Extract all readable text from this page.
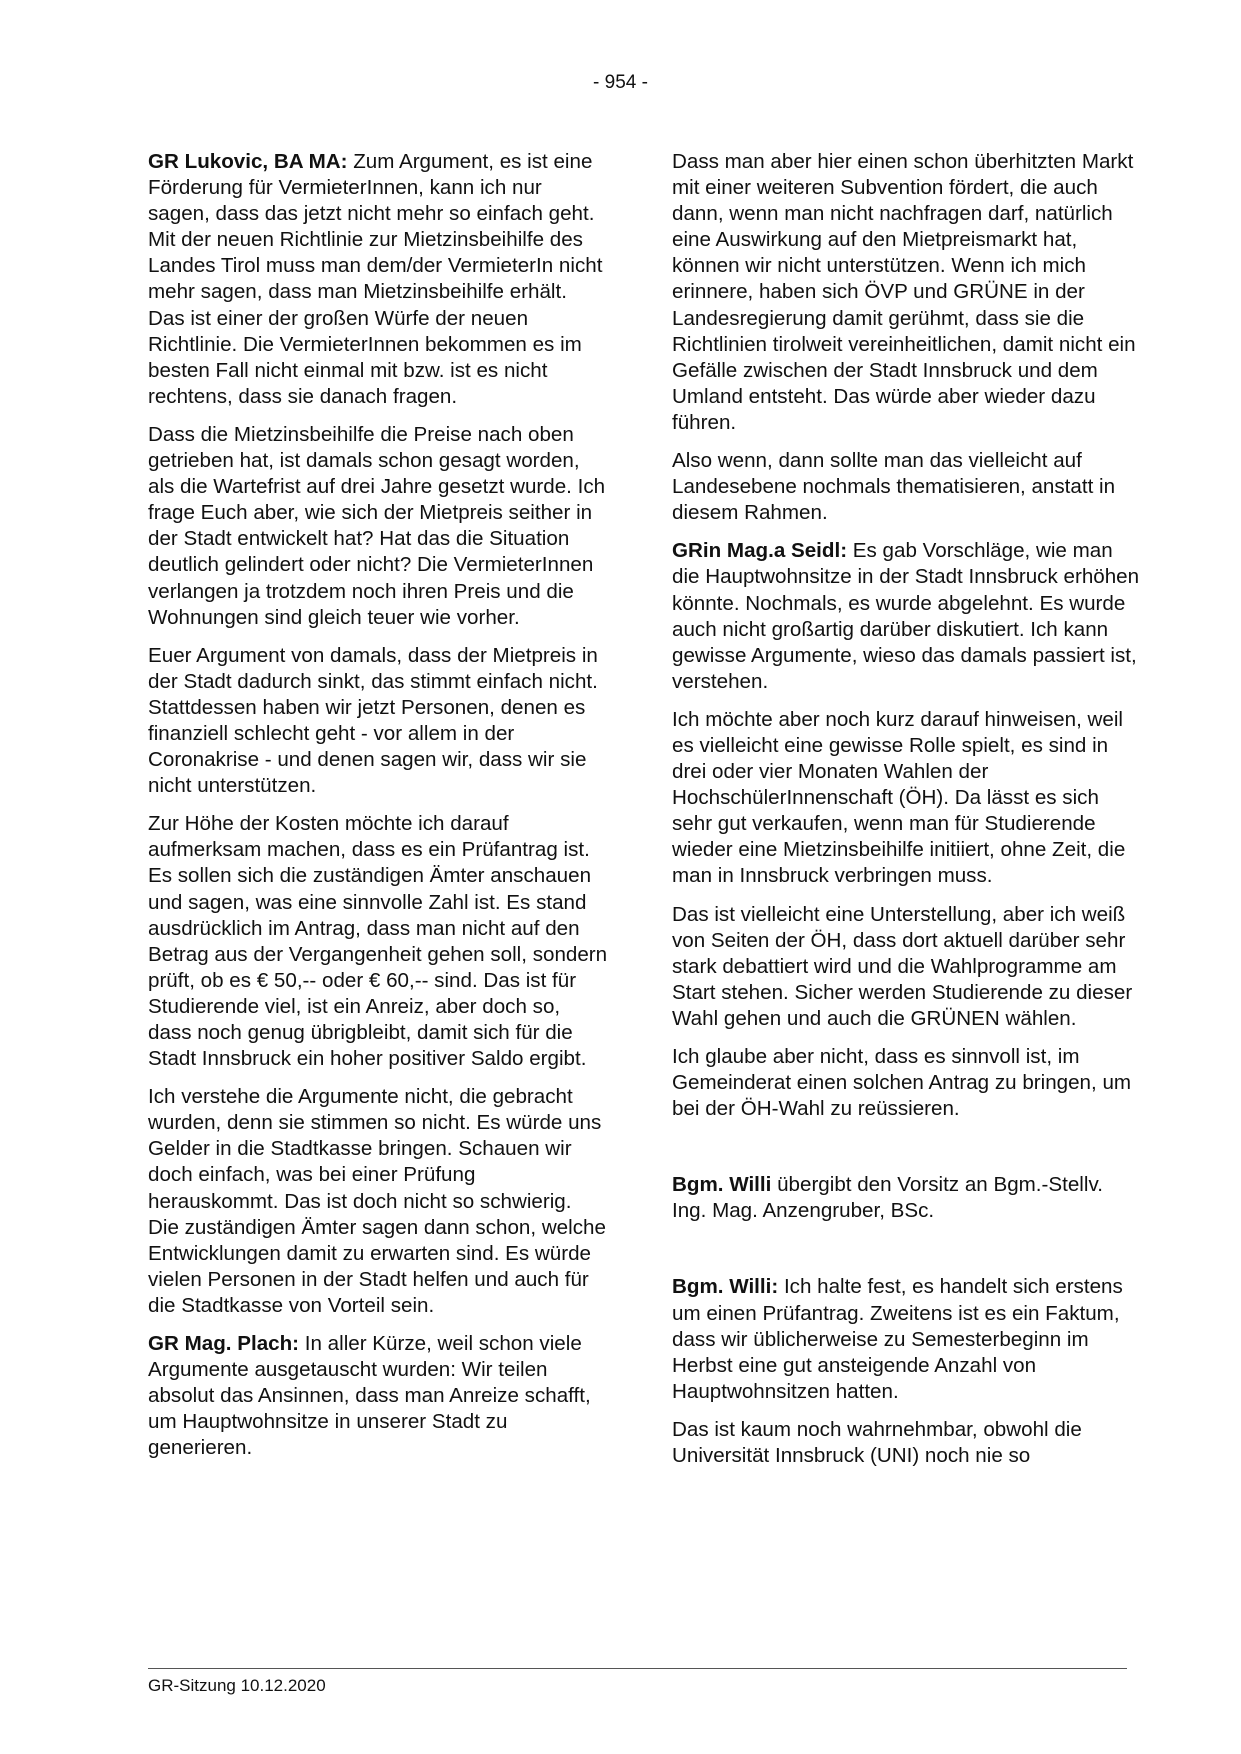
- 954 -

GR Lukovic, BA MA: Zum Argument, es ist eine Förderung für VermieterInnen, kann ich nur sagen, dass das jetzt nicht mehr so einfach geht. Mit der neuen Richtlinie zur Mietzinsbeihilfe des Landes Tirol muss man dem/der VermieterIn nicht mehr sagen, dass man Mietzinsbeihilfe erhält. Das ist einer der großen Würfe der neuen Richtlinie. Die VermieterInnen bekommen es im besten Fall nicht einmal mit bzw. ist es nicht rechtens, dass sie danach fragen.

Dass die Mietzinsbeihilfe die Preise nach oben getrieben hat, ist damals schon gesagt worden, als die Wartefrist auf drei Jahre gesetzt wurde. Ich frage Euch aber, wie sich der Mietpreis seither in der Stadt entwickelt hat? Hat das die Situation deutlich gelindert oder nicht? Die VermieterInnen verlangen ja trotzdem noch ihren Preis und die Wohnungen sind gleich teuer wie vorher.

Euer Argument von damals, dass der Mietpreis in der Stadt dadurch sinkt, das stimmt einfach nicht. Stattdessen haben wir jetzt Personen, denen es finanziell schlecht geht - vor allem in der Coronakrise - und denen sagen wir, dass wir sie nicht unterstützen.

Zur Höhe der Kosten möchte ich darauf aufmerksam machen, dass es ein Prüfantrag ist. Es sollen sich die zuständigen Ämter anschauen und sagen, was eine sinnvolle Zahl ist. Es stand ausdrücklich im Antrag, dass man nicht auf den Betrag aus der Vergangenheit gehen soll, sondern prüft, ob es € 50,-- oder € 60,-- sind. Das ist für Studierende viel, ist ein Anreiz, aber doch so, dass noch genug übrigbleibt, damit sich für die Stadt Innsbruck ein hoher positiver Saldo ergibt.

Ich verstehe die Argumente nicht, die gebracht wurden, denn sie stimmen so nicht. Es würde uns Gelder in die Stadtkasse bringen. Schauen wir doch einfach, was bei einer Prüfung herauskommt. Das ist doch nicht so schwierig. Die zuständigen Ämter sagen dann schon, welche Entwicklungen damit zu erwarten sind. Es würde vielen Personen in der Stadt helfen und auch für die Stadtkasse von Vorteil sein.

GR Mag. Plach: In aller Kürze, weil schon viele Argumente ausgetauscht wurden: Wir teilen absolut das Ansinnen, dass man Anreize schafft, um Hauptwohnsitze in unserer Stadt zu generieren.

Dass man aber hier einen schon überhitzten Markt mit einer weiteren Subvention fördert, die auch dann, wenn man nicht nachfragen darf, natürlich eine Auswirkung auf den Mietpreismarkt hat, können wir nicht unterstützen. Wenn ich mich erinnere, haben sich ÖVP und GRÜNE in der Landesregierung damit gerühmt, dass sie die Richtlinien tirolweit vereinheitlichen, damit nicht ein Gefälle zwischen der Stadt Innsbruck und dem Umland entsteht. Das würde aber wieder dazu führen.

Also wenn, dann sollte man das vielleicht auf Landesebene nochmals thematisieren, anstatt in diesem Rahmen.

GRin Mag.a Seidl: Es gab Vorschläge, wie man die Hauptwohnsitze in der Stadt Innsbruck erhöhen könnte. Nochmals, es wurde abgelehnt. Es wurde auch nicht großartig darüber diskutiert. Ich kann gewisse Argumente, wieso das damals passiert ist, verstehen.

Ich möchte aber noch kurz darauf hinweisen, weil es vielleicht eine gewisse Rolle spielt, es sind in drei oder vier Monaten Wahlen der HochschülerInnenschaft (ÖH). Da lässt es sich sehr gut verkaufen, wenn man für Studierende wieder eine Mietzinsbeihilfe initiiert, ohne Zeit, die man in Innsbruck verbringen muss.

Das ist vielleicht eine Unterstellung, aber ich weiß von Seiten der ÖH, dass dort aktuell darüber sehr stark debattiert wird und die Wahlprogramme am Start stehen. Sicher werden Studierende zu dieser Wahl gehen und auch die GRÜNEN wählen.

Ich glaube aber nicht, dass es sinnvoll ist, im Gemeinderat einen solchen Antrag zu bringen, um bei der ÖH-Wahl zu reüssieren.

Bgm. Willi übergibt den Vorsitz an Bgm.-Stellv. Ing. Mag. Anzengruber, BSc.

Bgm. Willi: Ich halte fest, es handelt sich erstens um einen Prüfantrag. Zweitens ist es ein Faktum, dass wir üblicherweise zu Semesterbeginn im Herbst eine gut ansteigende Anzahl von Hauptwohnsitzen hatten.

Das ist kaum noch wahrnehmbar, obwohl die Universität Innsbruck (UNI) noch nie so

GR-Sitzung 10.12.2020
